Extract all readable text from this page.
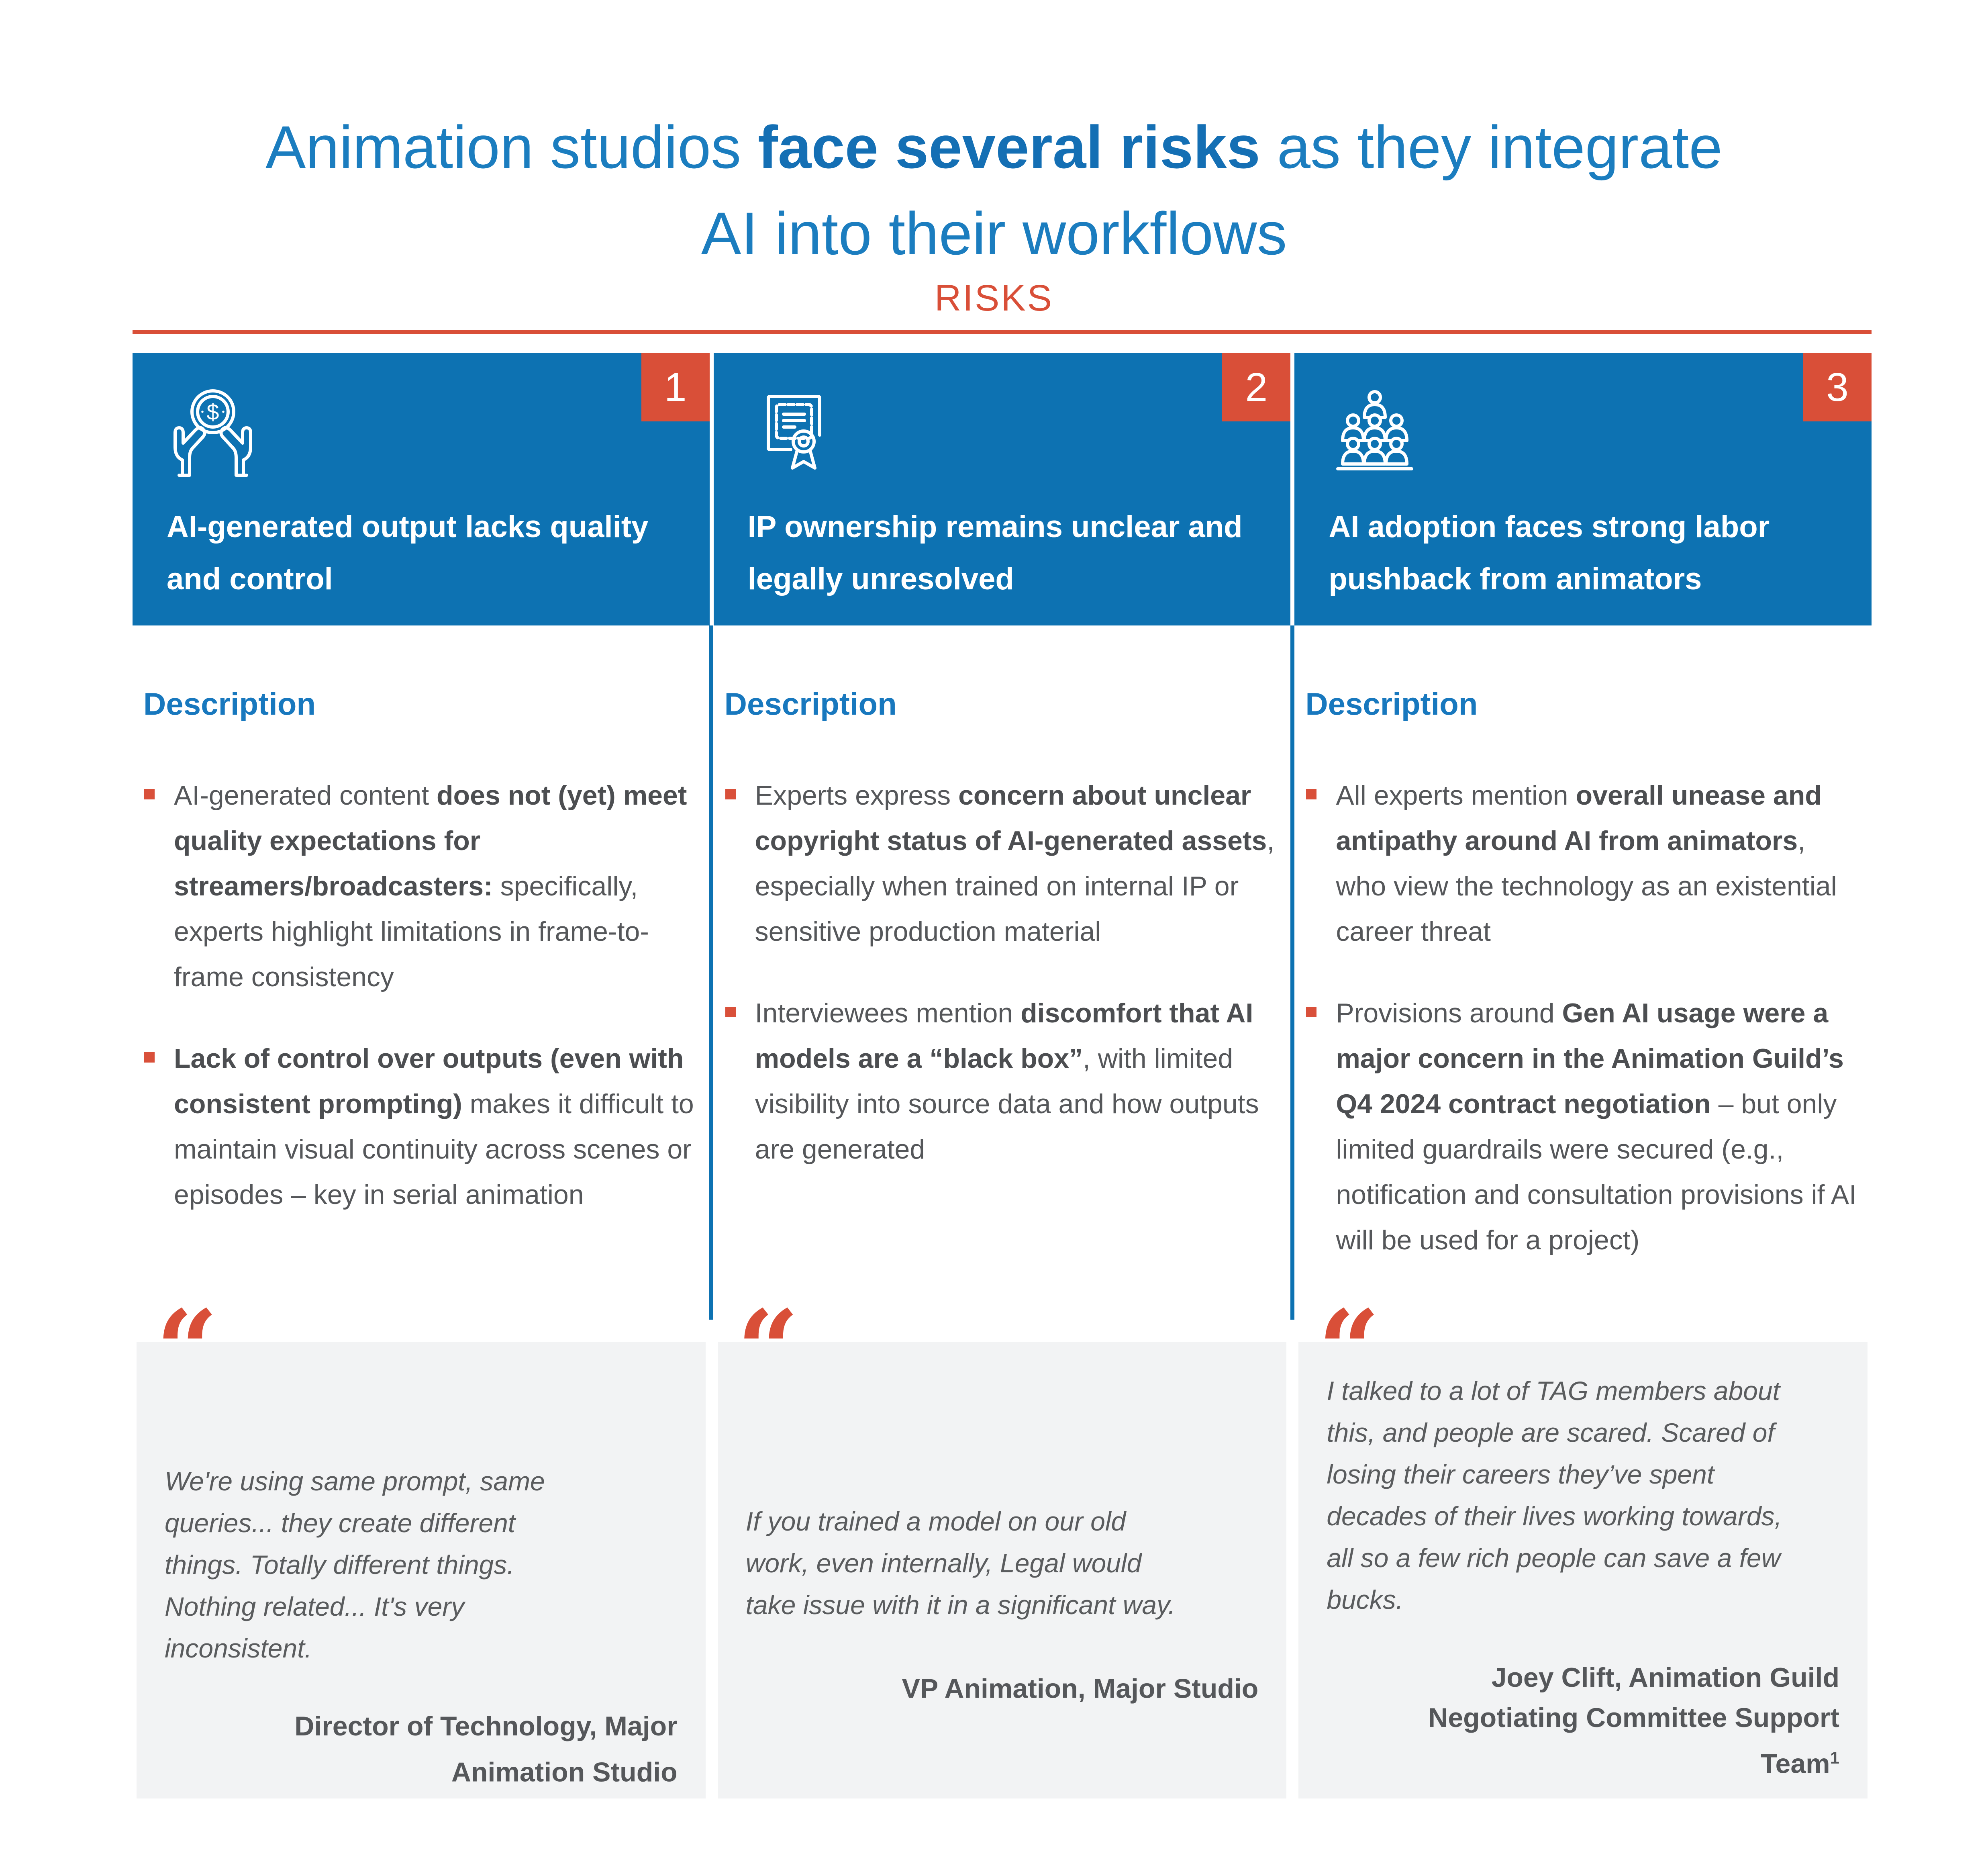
Animation studios face several risks as they integrate
AI into their workflows
RISKS
$
AI-generated output lacks quality and control
1
Description
AI-generated content does not (yet) meet quality expectations for streamers/broadcasters: specifically, experts highlight limitations in frame-to-frame consistency
Lack of control over outputs (even with consistent prompting) makes it difficult to maintain visual continuity across scenes or episodes – key in serial animation
“
We're using same prompt, same queries... they create different things. Totally different things. Nothing related... It's very inconsistent.
Director of Technology, Major Animation Studio
IP ownership remains unclear and legally unresolved
2
Description
Experts express concern about unclear copyright status of AI-generated assets, especially when trained on internal IP or sensitive production material
Interviewees mention discomfort that AI models are a “black box”, with limited visibility into source data and how outputs are generated
“
If you trained a model on our old work, even internally, Legal would take issue with it in a significant way.
VP Animation, Major Studio
AI adoption faces strong labor pushback from animators
3
Description
All experts mention overall unease and antipathy around AI from animators, who view the technology as an existential career threat
Provisions around Gen AI usage were a major concern in the Animation Guild’s Q4 2024 contract negotiation – but only limited guardrails were secured (e.g., notification and consultation provisions if AI will be used for a project)
“
I talked to a lot of TAG members about this, and people are scared. Scared of losing their careers they’ve spent decades of their lives working towards, all so a few rich people can save a few bucks.
Joey Clift, Animation Guild Negotiating Committee Support Team$^1$
